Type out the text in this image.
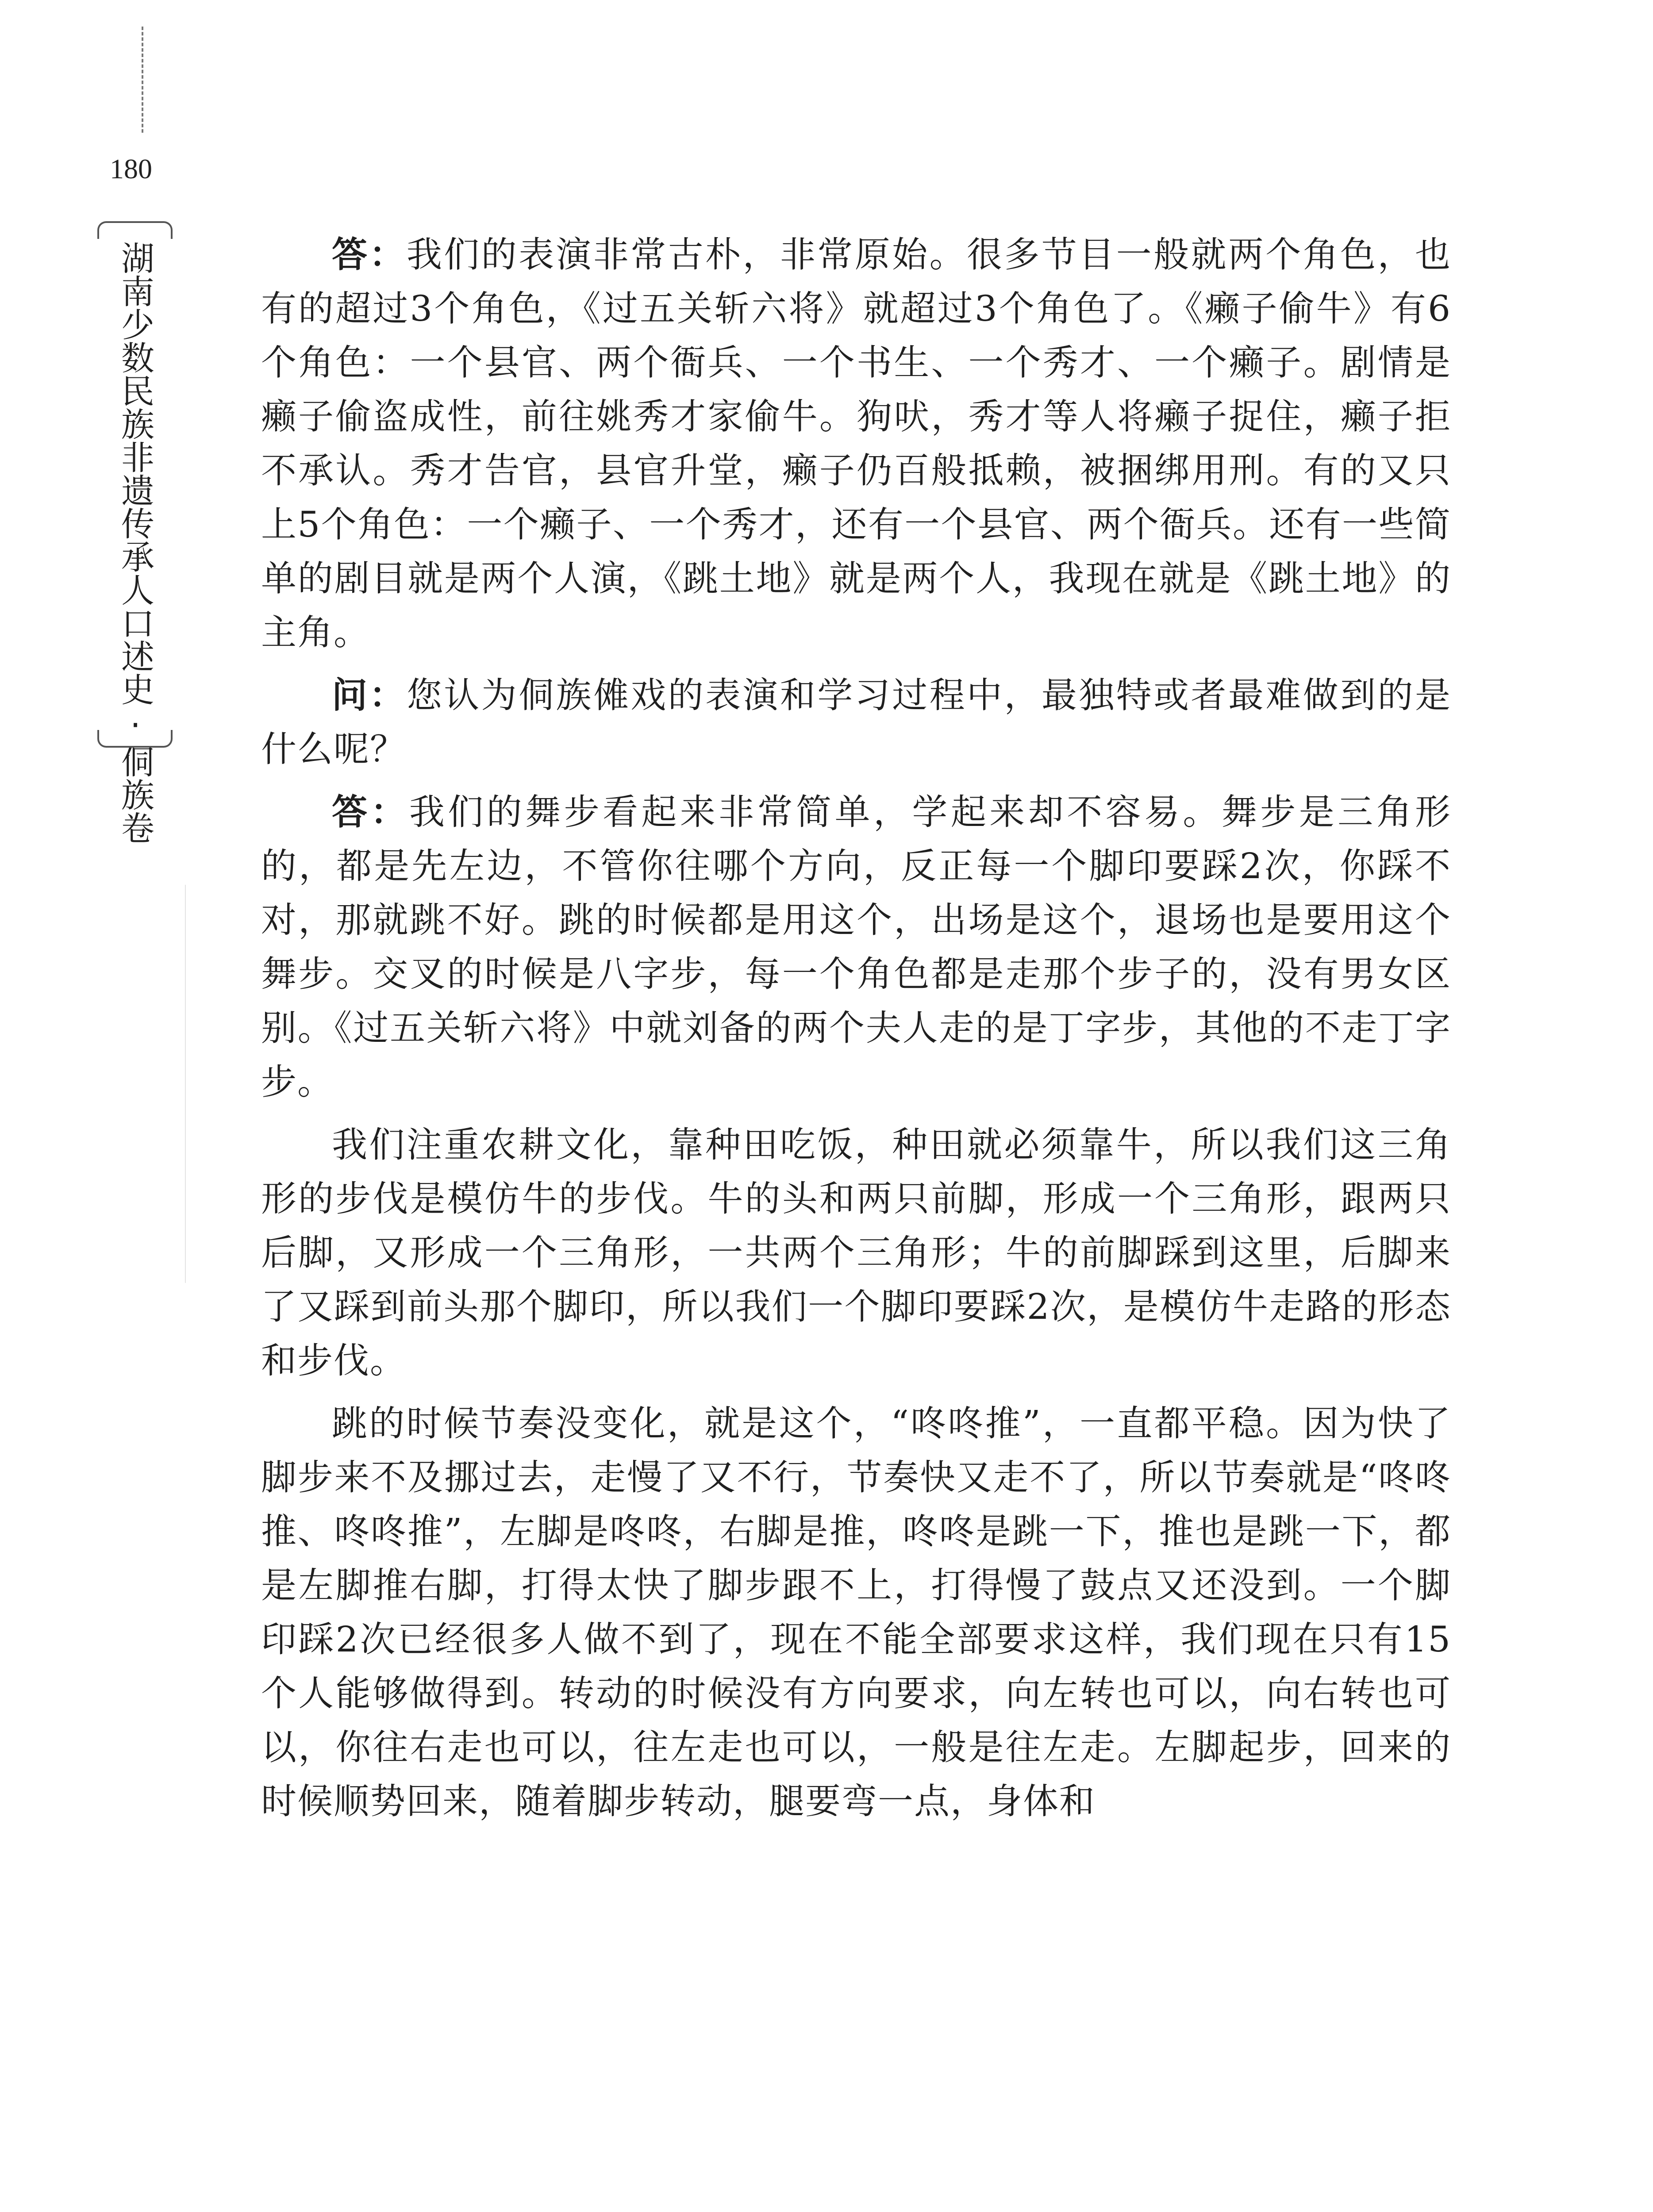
180
湖南少数民族非遗传承人口述史·侗族卷	答：我们的表演非常古朴，非常原始。很多节目一般就两个角色，也有的超过3个角色，《过五关斩六将》就超过3个角色了。《癞子偷牛》有6个角色：一个县官、两个衙兵、一个书生、一个秀才、一个癞子。剧情是癞子偷盗成性，前往姚秀才家偷牛。狗吠，秀才等人将癞子捉住，癞子拒不承认。秀才告官，县官升堂，癞子仍百般抵赖，被捆绑用刑。有的又只上5个角色：一个癞子、一个秀才，还有一个县官、两个衙兵。还有一些简单的剧目就是两个人演，《跳土地》就是两个人，我现在就是《跳土地》的主角。

问：您认为侗族傩戏的表演和学习过程中，最独特或者最难做到的是什么呢？

答：我们的舞步看起来非常简单，学起来却不容易。舞步是三角形的，都是先左边，不管你往哪个方向，反正每一个脚印要踩2次，你踩不对，那就跳不好。跳的时候都是用这个，出场是这个，退场也是要用这个舞步。交叉的时候是八字步，每一个角色都是走那个步子的，没有男女区别。《过五关斩六将》中就刘备的两个夫人走的是丁字步，其他的不走丁字步。

我们注重农耕文化，靠种田吃饭，种田就必须靠牛，所以我们这三角形的步伐是模仿牛的步伐。牛的头和两只前脚，形成一个三角形，跟两只后脚，又形成一个三角形，一共两个三角形；牛的前脚踩到这里，后脚来了又踩到前头那个脚印，所以我们一个脚印要踩2次，是模仿牛走路的形态和步伐。

跳的时候节奏没变化，就是这个，“咚咚推”，一直都平稳。因为快了脚步来不及挪过去，走慢了又不行，节奏快又走不了，所以节奏就是“咚咚推、咚咚推”，左脚是咚咚，右脚是推，咚咚是跳一下，推也是跳一下，都是左脚推右脚，打得太快了脚步跟不上，打得慢了鼓点又还没到。一个脚印踩2次已经很多人做不到了，现在不能全部要求这样，我们现在只有15个人能够做得到。转动的时候没有方向要求，向左转也可以，向右转也可以，你往右走也可以，往左走也可以，一般是往左走。左脚起步，回来的时候顺势回来，随着脚步转动，腿要弯一点，身体和
